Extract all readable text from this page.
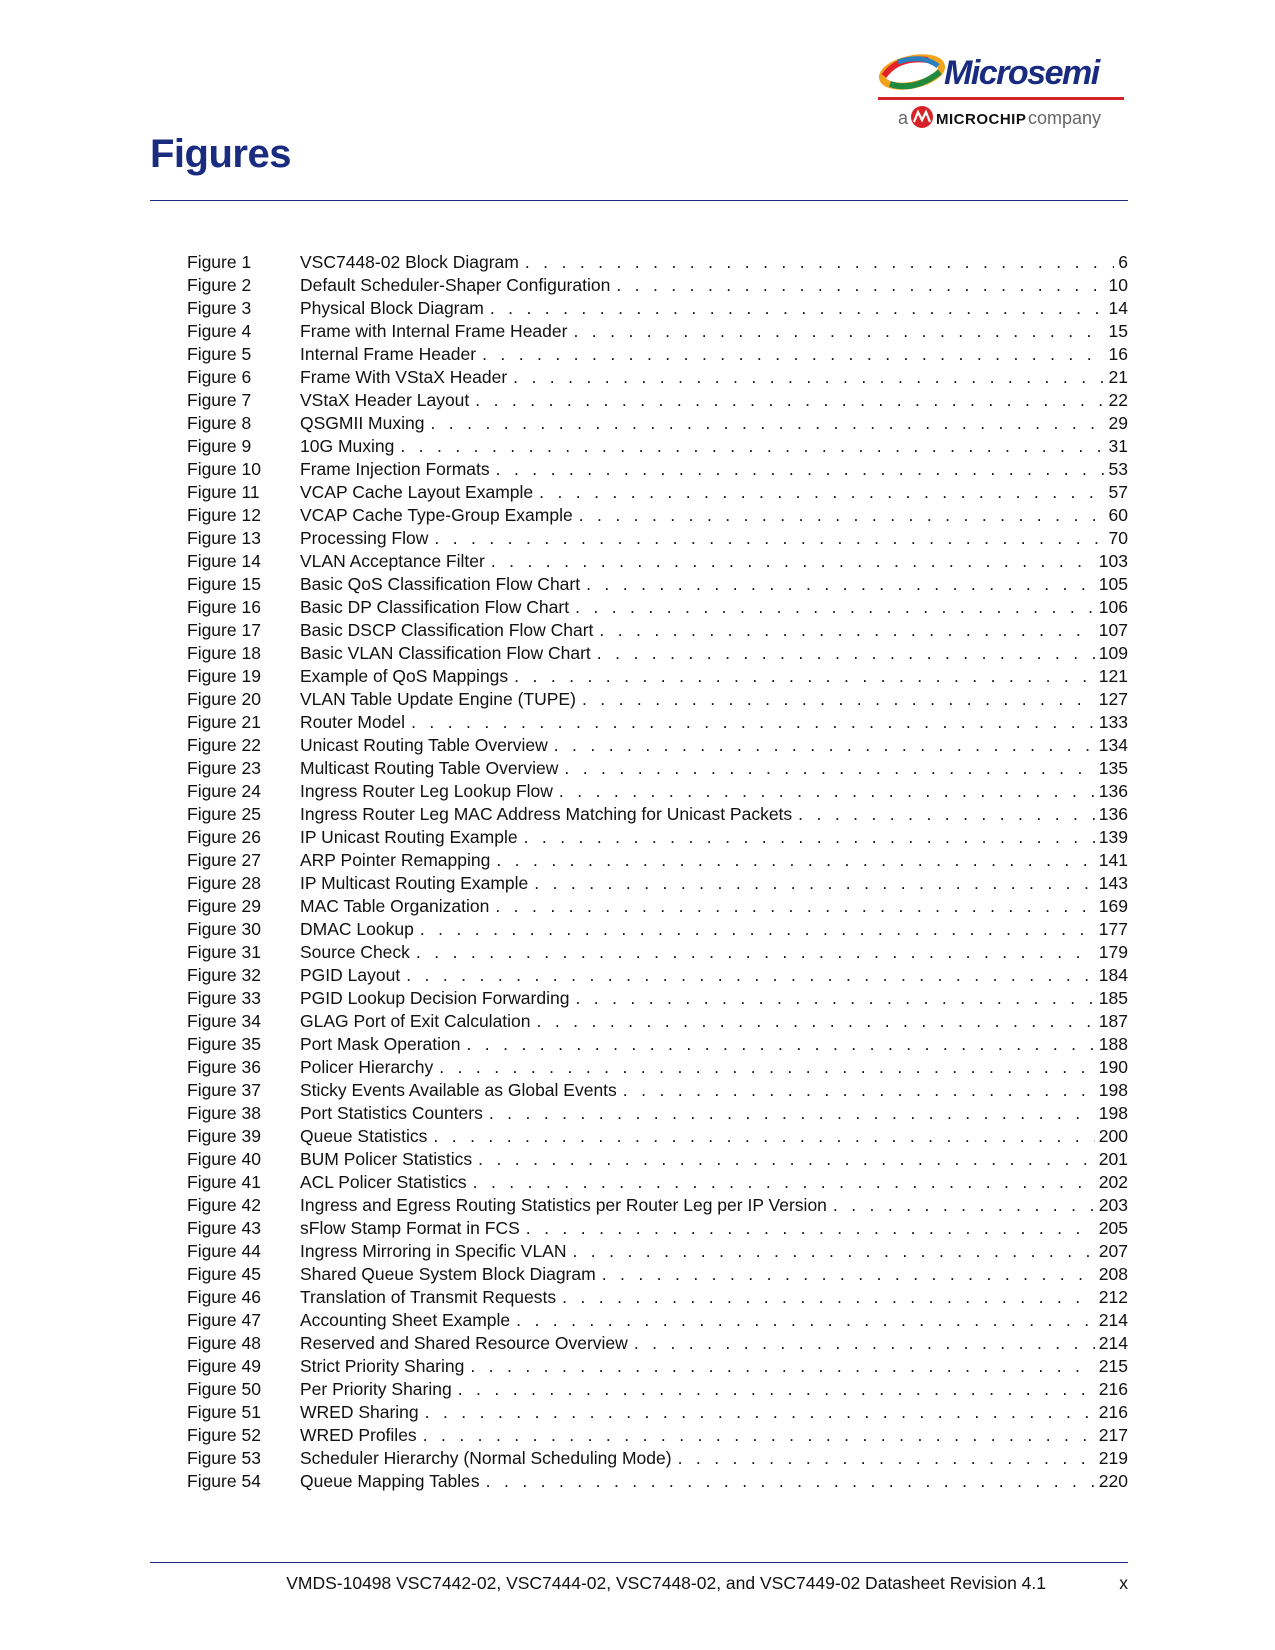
Microsemi
a MICROCHIP company
Figures
Figure 1	VSC7448-02 Block Diagram . . .	6
Figure 2	Default Scheduler-Shaper Configuration . . .	10
Figure 3	Physical Block Diagram . . .	14
Figure 4	Frame with Internal Frame Header . . .	15
Figure 5	Internal Frame Header . . .	16
Figure 6	Frame With VStaX Header . . .	21
Figure 7	VStaX Header Layout . . .	22
Figure 8	QSGMII Muxing . . .	29
Figure 9	10G Muxing . . .	31
Figure 10	Frame Injection Formats . . .	53
Figure 11	VCAP Cache Layout Example . . .	57
Figure 12	VCAP Cache Type-Group Example . . .	60
Figure 13	Processing Flow . . .	70
Figure 14	VLAN Acceptance Filter . . .	103
Figure 15	Basic QoS Classification Flow Chart . . .	105
Figure 16	Basic DP Classification Flow Chart . . .	106
Figure 17	Basic DSCP Classification Flow Chart . . .	107
Figure 18	Basic VLAN Classification Flow Chart . . .	109
Figure 19	Example of QoS Mappings . . .	121
Figure 20	VLAN Table Update Engine (TUPE) . . .	127
Figure 21	Router Model . . .	133
Figure 22	Unicast Routing Table Overview . . .	134
Figure 23	Multicast Routing Table Overview . . .	135
Figure 24	Ingress Router Leg Lookup Flow . . .	136
Figure 25	Ingress Router Leg MAC Address Matching for Unicast Packets . . .	136
Figure 26	IP Unicast Routing Example . . .	139
Figure 27	ARP Pointer Remapping . . .	141
Figure 28	IP Multicast Routing Example . . .	143
Figure 29	MAC Table Organization . . .	169
Figure 30	DMAC Lookup . . .	177
Figure 31	Source Check . . .	179
Figure 32	PGID Layout . . .	184
Figure 33	PGID Lookup Decision Forwarding . . .	185
Figure 34	GLAG Port of Exit Calculation . . .	187
Figure 35	Port Mask Operation . . .	188
Figure 36	Policer Hierarchy . . .	190
Figure 37	Sticky Events Available as Global Events . . .	198
Figure 38	Port Statistics Counters . . .	198
Figure 39	Queue Statistics . . .	200
Figure 40	BUM Policer Statistics . . .	201
Figure 41	ACL Policer Statistics . . .	202
Figure 42	Ingress and Egress Routing Statistics per Router Leg per IP Version . . .	203
Figure 43	sFlow Stamp Format in FCS . . .	205
Figure 44	Ingress Mirroring in Specific VLAN . . .	207
Figure 45	Shared Queue System Block Diagram . . .	208
Figure 46	Translation of Transmit Requests . . .	212
Figure 47	Accounting Sheet Example . . .	214
Figure 48	Reserved and Shared Resource Overview . . .	214
Figure 49	Strict Priority Sharing . . .	215
Figure 50	Per Priority Sharing . . .	216
Figure 51	WRED Sharing . . .	216
Figure 52	WRED Profiles . . .	217
Figure 53	Scheduler Hierarchy (Normal Scheduling Mode) . . .	219
Figure 54	Queue Mapping Tables . . .	220
VMDS-10498 VSC7442-02, VSC7444-02, VSC7448-02, and VSC7449-02 Datasheet Revision 4.1	x
